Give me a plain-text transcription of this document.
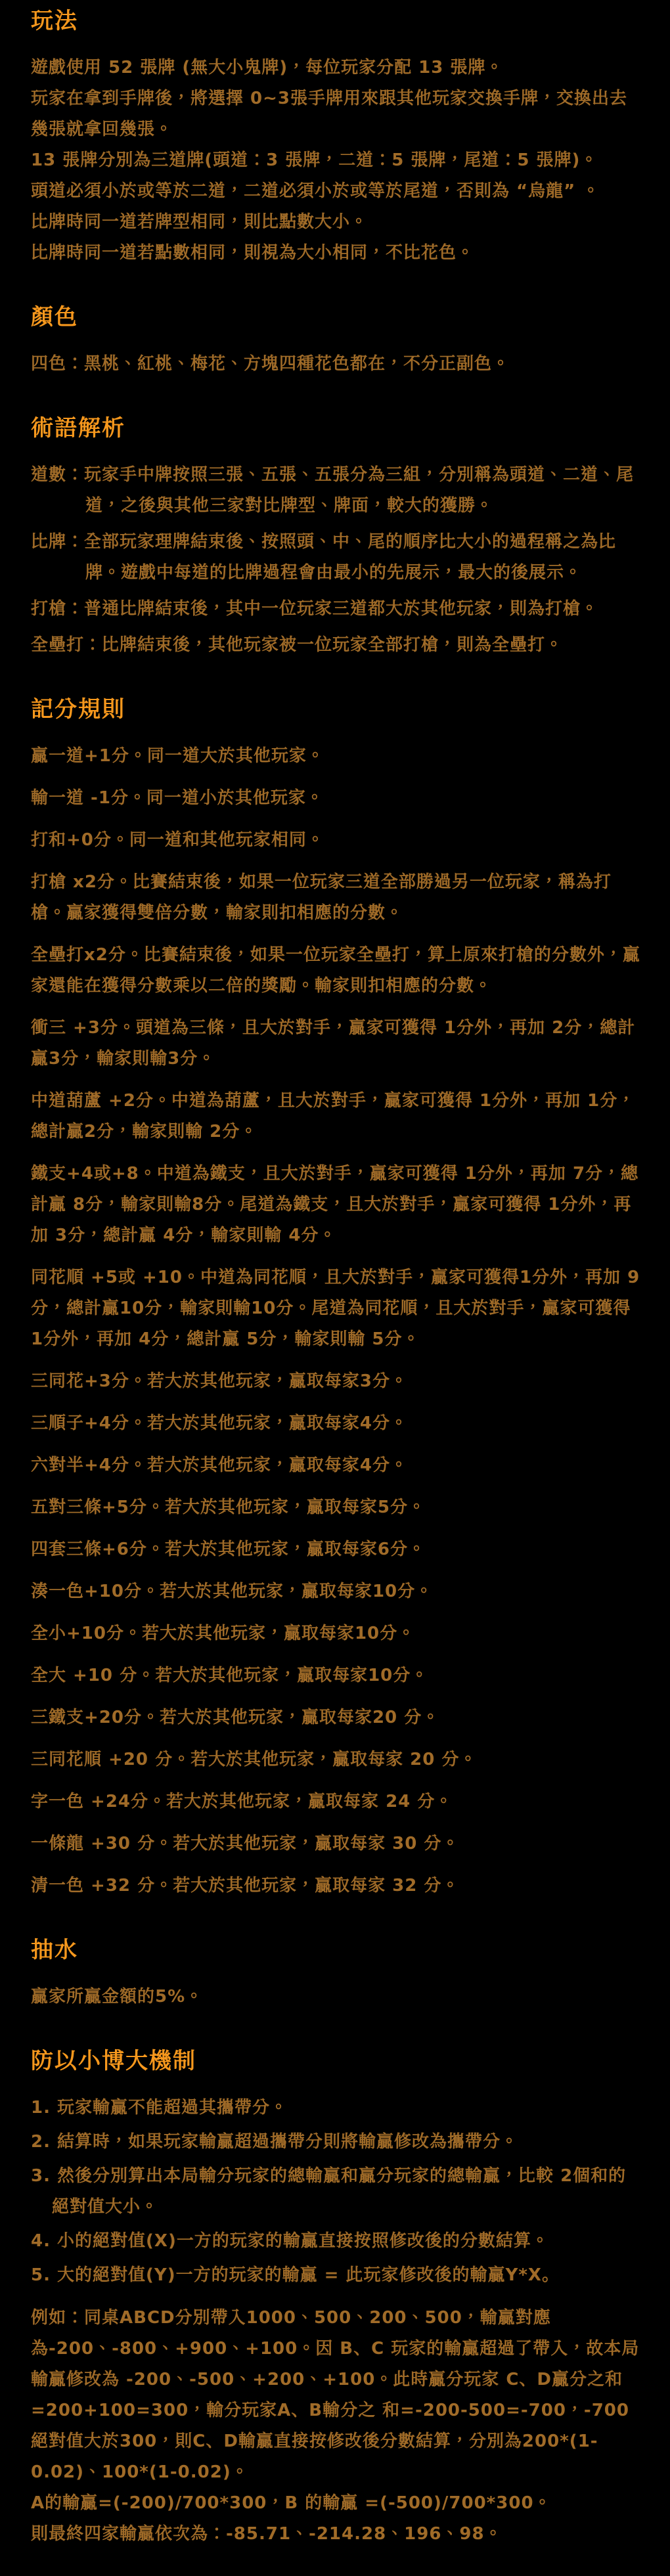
玩法

遊戲使用 52 張牌 (無大小鬼牌)，每位玩家分配 13 張牌。

玩家在拿到手牌後，將選擇 0~3張手牌用來跟其他玩家交換手牌，交換出去幾張就拿回幾張。

13 張牌分別為三道牌(頭道：3 張牌，二道：5 張牌，尾道：5 張牌)。

頭道必須小於或等於二道，二道必須小於或等於尾道，否則為 “烏龍” 。

比牌時同一道若牌型相同，則比點數大小。

比牌時同一道若點數相同，則視為大小相同，不比花色。

顏色

四色：黑桃、紅桃、梅花、方塊四種花色都在，不分正副色。

術語解析

道數：玩家手中牌按照三張、五張、五張分為三組，分別稱為頭道、二道、尾道，之後與其他三家對比牌型、牌面，較大的獲勝。

比牌：全部玩家理牌結束後、按照頭、中、尾的順序比大小的過程稱之為比牌。遊戲中每道的比牌過程會由最小的先展示，最大的後展示。

打槍：普通比牌結束後，其中一位玩家三道都大於其他玩家，則為打槍。

全壘打：比牌結束後，其他玩家被一位玩家全部打槍，則為全壘打。

記分規則

贏一道+1分。同一道大於其他玩家。

輸一道 -1分。同一道小於其他玩家。

打和+0分。同一道和其他玩家相同。

打槍 x2分。比賽結束後，如果一位玩家三道全部勝過另一位玩家，稱為打槍。贏家獲得雙倍分數，輸家則扣相應的分數。

全壘打x2分。比賽結束後，如果一位玩家全壘打，算上原來打槍的分數外，贏家還能在獲得分數乘以二倍的獎勵。輸家則扣相應的分數。

衝三 +3分。頭道為三條，且大於對手，贏家可獲得 1分外，再加 2分，總計贏3分，輸家則輸3分。

中道葫蘆 +2分。中道為葫蘆，且大於對手，贏家可獲得 1分外，再加 1分，總計贏2分，輸家則輸 2分。

鐵支+4或+8。中道為鐵支，且大於對手，贏家可獲得 1分外，再加 7分，總計贏 8分，輸家則輸8分。尾道為鐵支，且大於對手，贏家可獲得 1分外，再加 3分，總計贏 4分，輸家則輸 4分。

同花順 +5或 +10。中道為同花順，且大於對手，贏家可獲得1分外，再加 9分，總計贏10分，輸家則輸10分。尾道為同花順，且大於對手，贏家可獲得 1分外，再加 4分，總計贏 5分，輸家則輸 5分。

三同花+3分。若大於其他玩家，贏取每家3分。

三順子+4分。若大於其他玩家，贏取每家4分。

六對半+4分。若大於其他玩家，贏取每家4分。

五對三條+5分。若大於其他玩家，贏取每家5分。

四套三條+6分。若大於其他玩家，贏取每家6分。

湊一色+10分。若大於其他玩家，贏取每家10分。

全小+10分。若大於其他玩家，贏取每家10分。

全大 +10 分。若大於其他玩家，贏取每家10分。

三鐵支+20分。若大於其他玩家，贏取每家20 分。

三同花順 +20 分。若大於其他玩家，贏取每家 20 分。

字一色 +24分。若大於其他玩家，贏取每家 24 分。

一條龍 +30 分。若大於其他玩家，贏取每家 30 分。

清一色 +32 分。若大於其他玩家，贏取每家 32 分。

抽水

贏家所贏金額的5%。

防以小博大機制

1. 玩家輸贏不能超過其攜帶分。

2. 結算時，如果玩家輸贏超過攜帶分則將輸贏修改為攜帶分。

3. 然後分別算出本局輸分玩家的總輸贏和贏分玩家的總輸贏，比較 2個和的絕對值大小。

4. 小的絕對值(X)一方的玩家的輸贏直接按照修改後的分數結算。

5. 大的絕對值(Y)一方的玩家的輸贏 = 此玩家修改後的輸贏Y*X。

例如：同桌ABCD分別帶入1000、500、200、500，輸贏對應為-200、-800、+900、+100。因 B、C 玩家的輸贏超過了帶入，故本局輸贏修改為 -200、-500、+200、+100。此時贏分玩家 C、D贏分之和 =200+100=300，輸分玩家A、B輸分之 和=-200-500=-700，-700 絕對值大於300，則C、D輸贏直接按修改後分數結算，分別為200*(1-0.02)、100*(1-0.02)。

A的輸贏=(-200)/700*300，B 的輸贏 =(-500)/700*300。

則最終四家輸贏依次為：-85.71、-214.28、196、98。
